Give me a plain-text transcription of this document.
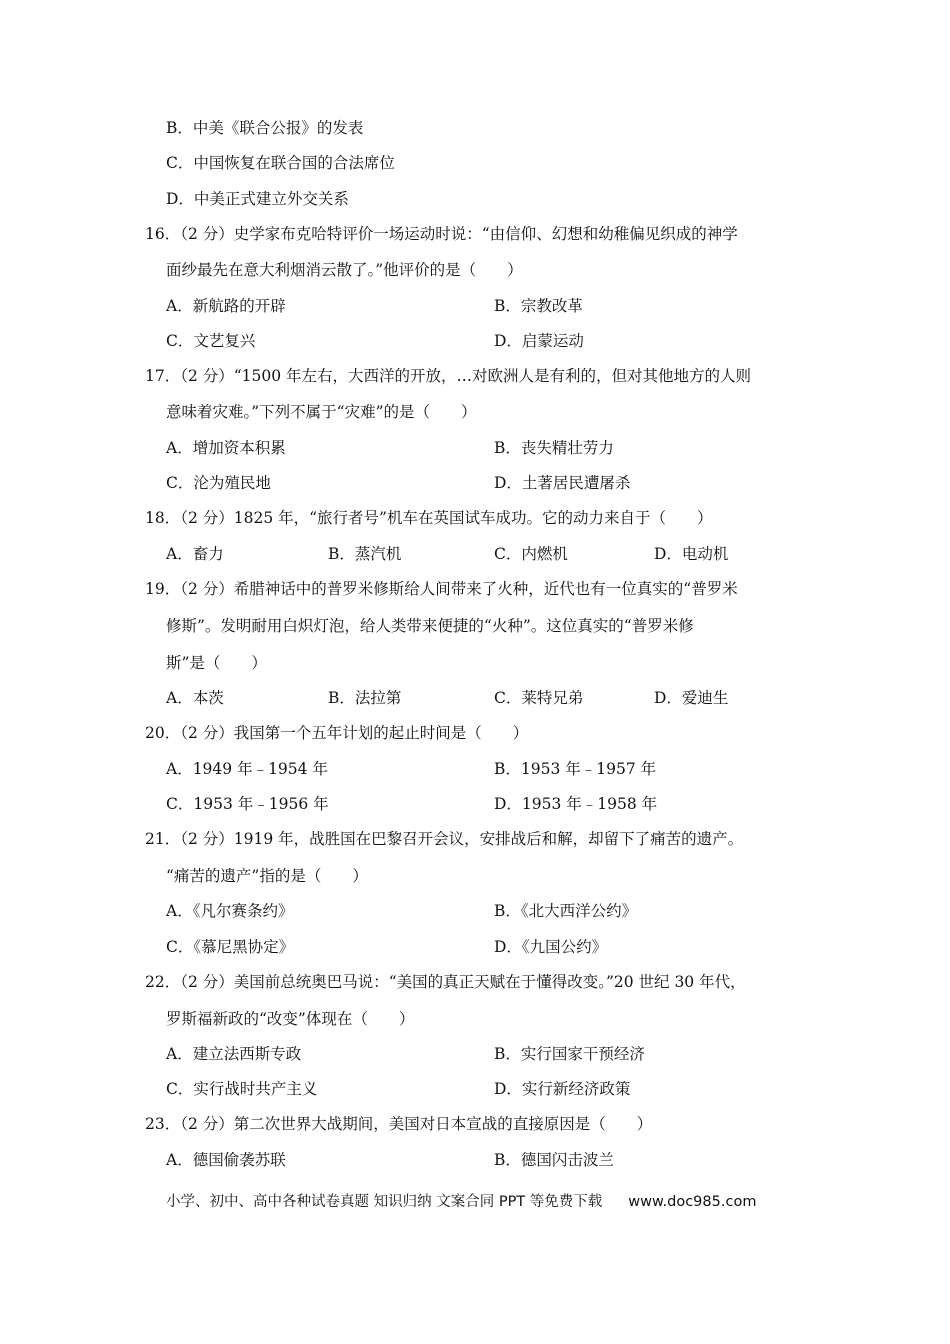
B．中美《联合公报》的发表
C．中国恢复在联合国的合法席位
D．中美正式建立外交关系
16．（2 分）史学家布克哈特评价一场运动时说：“由信仰、幻想和幼稚偏见织成的神学
面纱最先在意大利烟消云散了。”他评价的是（　　）
A．新航路的开辟	B．宗教改革
C．文艺复兴	D．启蒙运动
17．（2 分）“1500 年左右，大西洋的开放，…对欧洲人是有利的，但对其他地方的人则
意味着灾难。”下列不属于“灾难”的是（　　）
A．增加资本积累	B．丧失精壮劳力
C．沦为殖民地	D．土著居民遭屠杀
18．（2 分）1825 年，“旅行者号”机车在英国试车成功。它的动力来自于（　　）
A．畜力	B．蒸汽机	C．内燃机	D．电动机
19．（2 分）希腊神话中的普罗米修斯给人间带来了火种，近代也有一位真实的“普罗米
修斯”。发明耐用白炽灯泡，给人类带来便捷的“火种”。这位真实的“普罗米修
斯”是（　　）
A．本茨	B．法拉第	C．莱特兄弟	D．爱迪生
20．（2 分）我国第一个五年计划的起止时间是（　　）
A．1949 年﹣1954 年	B．1953 年﹣1957 年
C．1953 年﹣1956 年	D．1953 年﹣1958 年
21．（2 分）1919 年，战胜国在巴黎召开会议，安排战后和解，却留下了痛苦的遗产。
“痛苦的遗产”指的是（　　）
A．《凡尔赛条约》	B．《北大西洋公约》
C．《慕尼黑协定》	D．《九国公约》
22．（2 分）美国前总统奥巴马说：“美国的真正天赋在于懂得改变。”20 世纪 30 年代，
罗斯福新政的“改变”体现在（　　）
A．建立法西斯专政	B．实行国家干预经济
C．实行战时共产主义	D．实行新经济政策
23．（2 分）第二次世界大战期间，美国对日本宣战的直接原因是（　　）
A．德国偷袭苏联	B．德国闪击波兰
小学、初中、高中各种试卷真题 知识归纳 文案合同 PPT 等免费下载 www.doc985.com
